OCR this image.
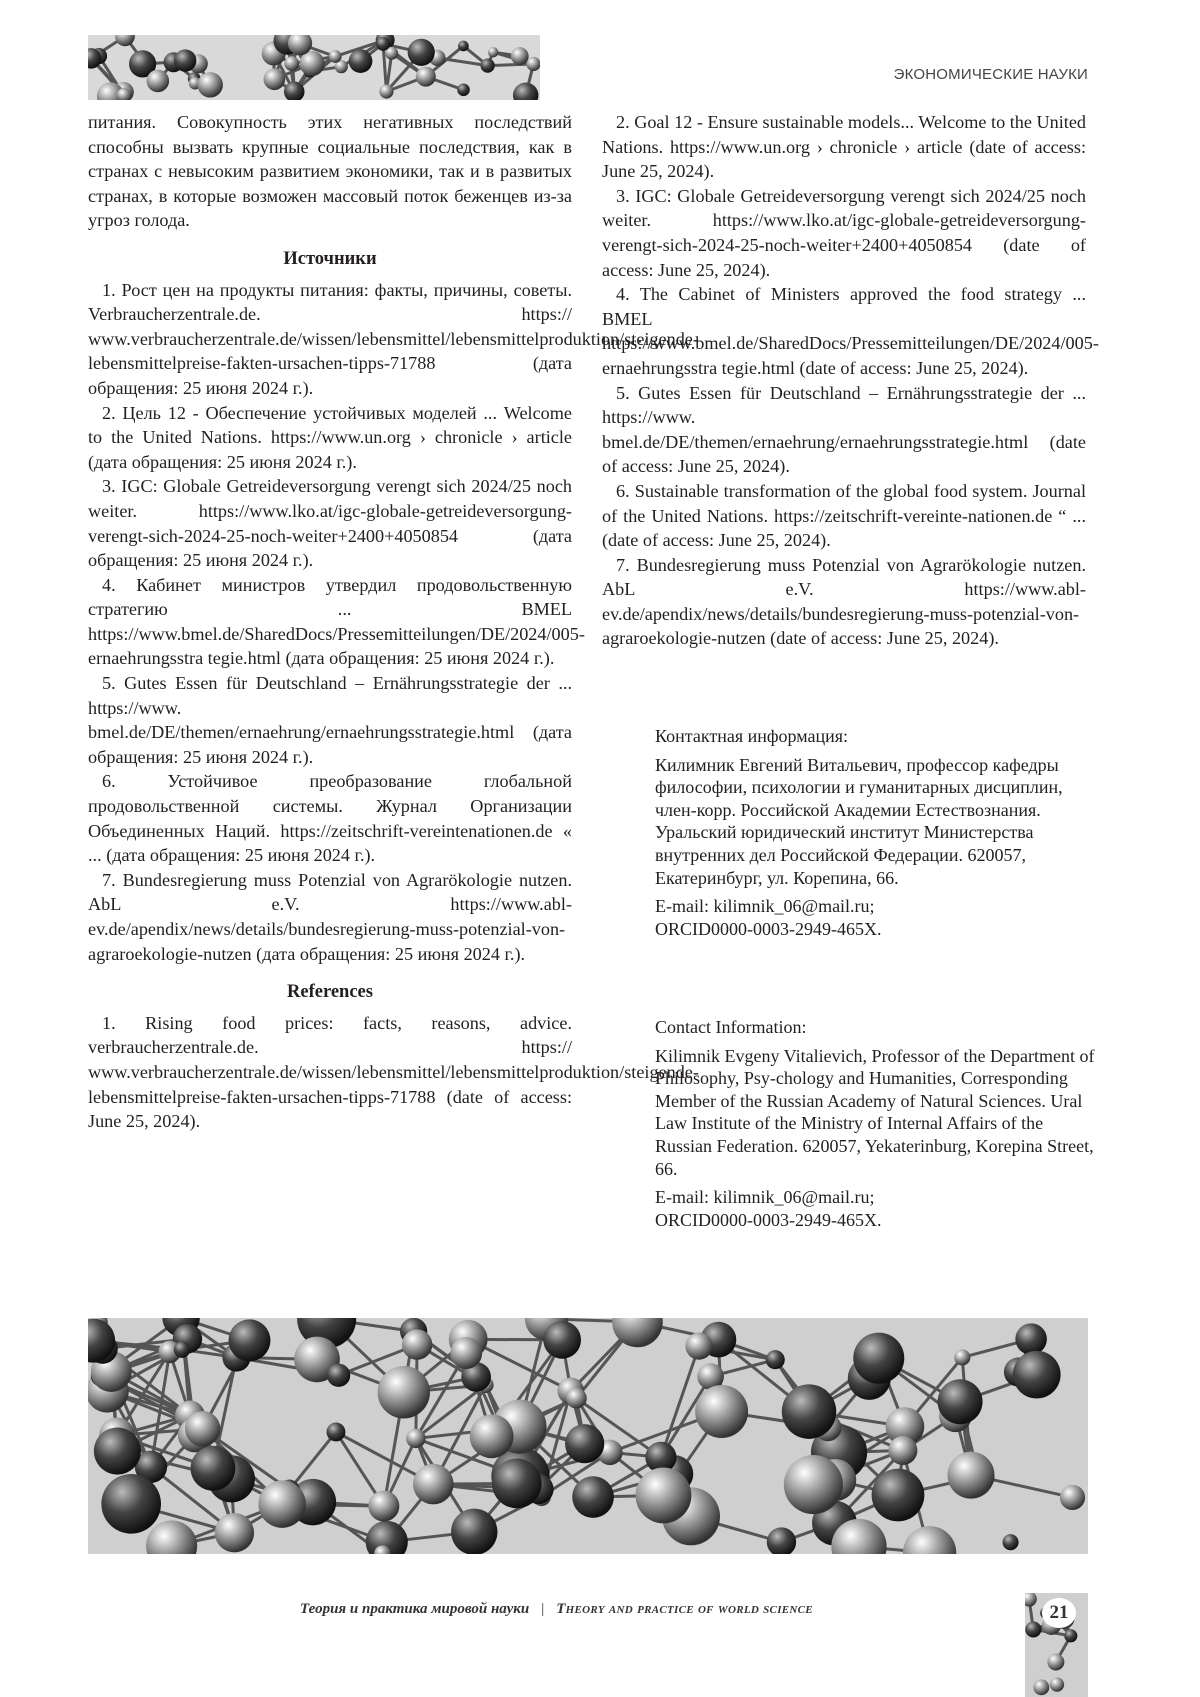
ЭКОНОМИЧЕСКИЕ НАУКИ

питания. Совокупность этих негативных последствий способны вызвать крупные социальные последствия, как в странах с невысоким развитием экономики, так и в развитых странах, в которые возможен массовый поток беженцев из-за угроз голода.

Источники

1. Рост цен на продукты питания: факты, причины, советы. Verbraucherzentrale.de. https:// www.verbraucherzentrale.de/wissen/lebensmittel/lebensmittelproduktion/steigende-lebensmittelpreise-fakten-ursachen-tipps-71788 (дата обращения: 25 июня 2024 г.).

2. Цель 12 - Обеспечение устойчивых моделей ... Welcome to the United Nations. https://www.un.org › chronicle › article (дата обращения: 25 июня 2024 г.).

3. IGC: Globale Getreideversorgung verengt sich 2024/25 noch weiter. https://www.lko.at/igc-globale-getreideversorgung-verengt-sich-2024-25-noch-weiter+2400+4050854 (дата обращения: 25 июня 2024 г.).

4. Кабинет министров утвердил продовольственную стратегию ... BMEL https://www.bmel.de/SharedDocs/Pressemitteilungen/DE/2024/005-ernaehrungsstra tegie.html (дата обращения: 25 июня 2024 г.).

5. Gutes Essen für Deutschland – Ernährungsstrategie der ... https://www. bmel.de/DE/themen/ernaehrung/ernaehrungsstrategie.html (дата обращения: 25 июня 2024 г.).

6. Устойчивое преобразование глобальной продовольственной системы. Журнал Организации Объединенных Наций. https://zeitschrift-vereintenationen.de « ... (дата обращения: 25 июня 2024 г.).

7. Bundesregierung muss Potenzial von Agrarökologie nutzen. AbL e.V. https://www.abl-ev.de/apendix/news/details/bundesregierung-muss-potenzial-von-agraroekologie-nutzen (дата обращения: 25 июня 2024 г.).

References

1. Rising food prices: facts, reasons, advice. verbraucherzentrale.de. https:// www.verbraucherzentrale.de/wissen/lebensmittel/lebensmittelproduktion/steigende-lebensmittelpreise-fakten-ursachen-tipps-71788 (date of access: June 25, 2024).

2. Goal 12 - Ensure sustainable models... Welcome to the United Nations. https://www.un.org › chronicle › article (date of access: June 25, 2024).

3. IGC: Globale Getreideversorgung verengt sich 2024/25 noch weiter. https://www.lko.at/igc-globale-getreideversorgung-verengt-sich-2024-25-noch-weiter+2400+4050854 (date of access: June 25, 2024).

4. The Cabinet of Ministers approved the food strategy ... BMEL https://www.bmel.de/SharedDocs/Pressemitteilungen/DE/2024/005-ernaehrungsstra tegie.html (date of access: June 25, 2024).

5. Gutes Essen für Deutschland – Ernährungsstrategie der ... https://www. bmel.de/DE/themen/ernaehrung/ernaehrungsstrategie.html (date of access: June 25, 2024).

6. Sustainable transformation of the global food system. Journal of the United Nations. https://zeitschrift-vereinte-nationen.de “ ... (date of access: June 25, 2024).

7. Bundesregierung muss Potenzial von Agrarökologie nutzen. AbL e.V. https://www.abl-ev.de/apendix/news/details/bundesregierung-muss-potenzial-von-agraroekologie-nutzen (date of access: June 25, 2024).

Контактная информация:

Килимник Евгений Витальевич, профессор кафедры философии, психологии и гуманитарных дисциплин, член-корр. Российской Академии Естествознания. Уральский юридический институт Министерства внутренних дел Российской Федерации. 620057, Екатеринбург, ул. Корепина, 66.

E-mail: kilimnik_06@mail.ru;

ORCID0000-0003-2949-465X.

Contact Information:

Kilimnik Evgeny Vitalievich, Professor of the Department of Philosophy, Psy-chology and Humanities, Corresponding Member of the Russian Academy of Natural Sciences. Ural Law Institute of the Ministry of Internal Affairs of the Russian Federation. 620057, Yekaterinburg, Korepina Street, 66.

E-mail: kilimnik_06@mail.ru;

ORCID0000-0003-2949-465X.

Теория и практика мировой науки | Theory and practice of world science	21
